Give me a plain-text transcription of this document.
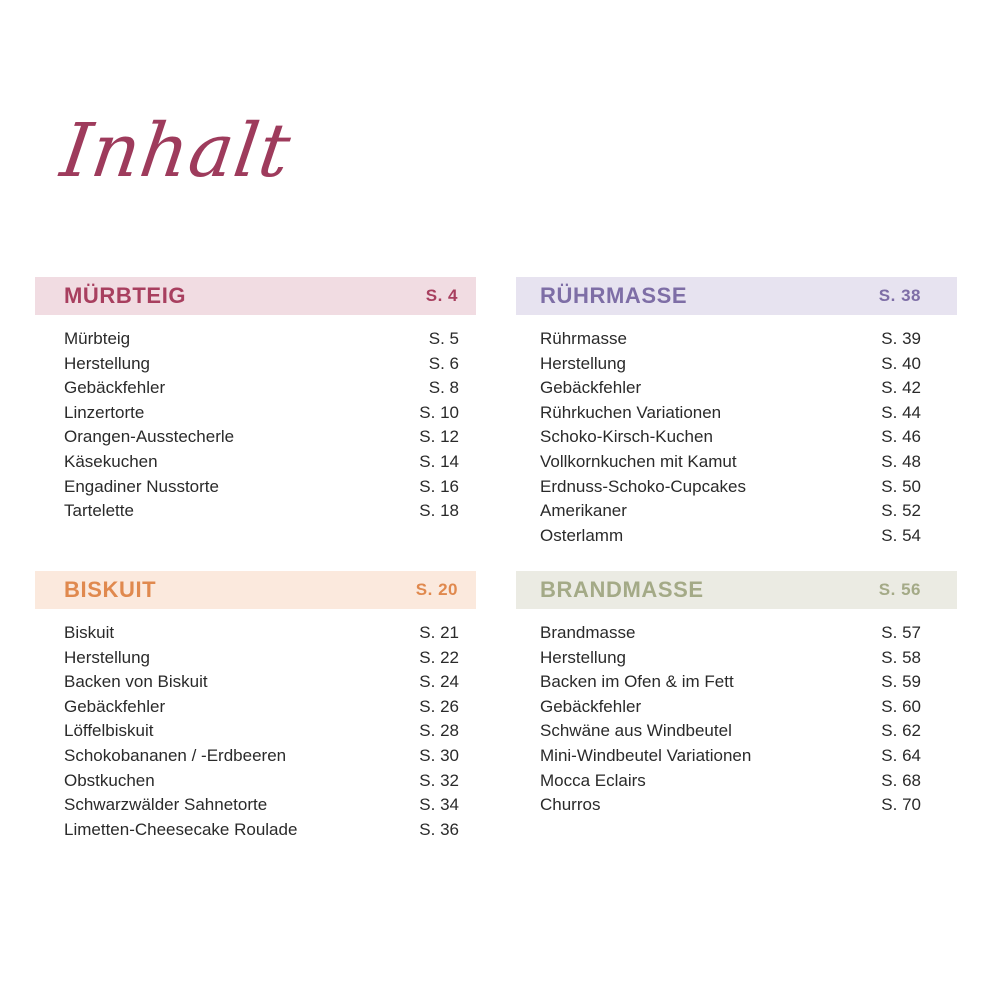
Inhalt
MÜRBTEIG	S. 4
Mürbteig	S. 5
Herstellung	S. 6
Gebäckfehler	S. 8
Linzertorte	S. 10
Orangen-Ausstecherle	S. 12
Käsekuchen	S. 14
Engadiner Nusstorte	S. 16
Tartelette	S. 18
RÜHRMASSE	S. 38
Rührmasse	S. 39
Herstellung	S. 40
Gebäckfehler	S. 42
Rührkuchen Variationen	S. 44
Schoko-Kirsch-Kuchen	S. 46
Vollkornkuchen mit Kamut	S. 48
Erdnuss-Schoko-Cupcakes	S. 50
Amerikaner	S. 52
Osterlamm	S. 54
BISKUIT	S. 20
Biskuit	S. 21
Herstellung	S. 22
Backen von Biskuit	S. 24
Gebäckfehler	S. 26
Löffelbiskuit	S. 28
Schokobananen / -Erdbeeren	S. 30
Obstkuchen	S. 32
Schwarzwälder Sahnetorte	S. 34
Limetten-Cheesecake Roulade	S. 36
BRANDMASSE	S. 56
Brandmasse	S. 57
Herstellung	S. 58
Backen im Ofen & im Fett	S. 59
Gebäckfehler	S. 60
Schwäne aus Windbeutel	S. 62
Mini-Windbeutel Variationen	S. 64
Mocca Eclairs	S. 68
Churros	S. 70
